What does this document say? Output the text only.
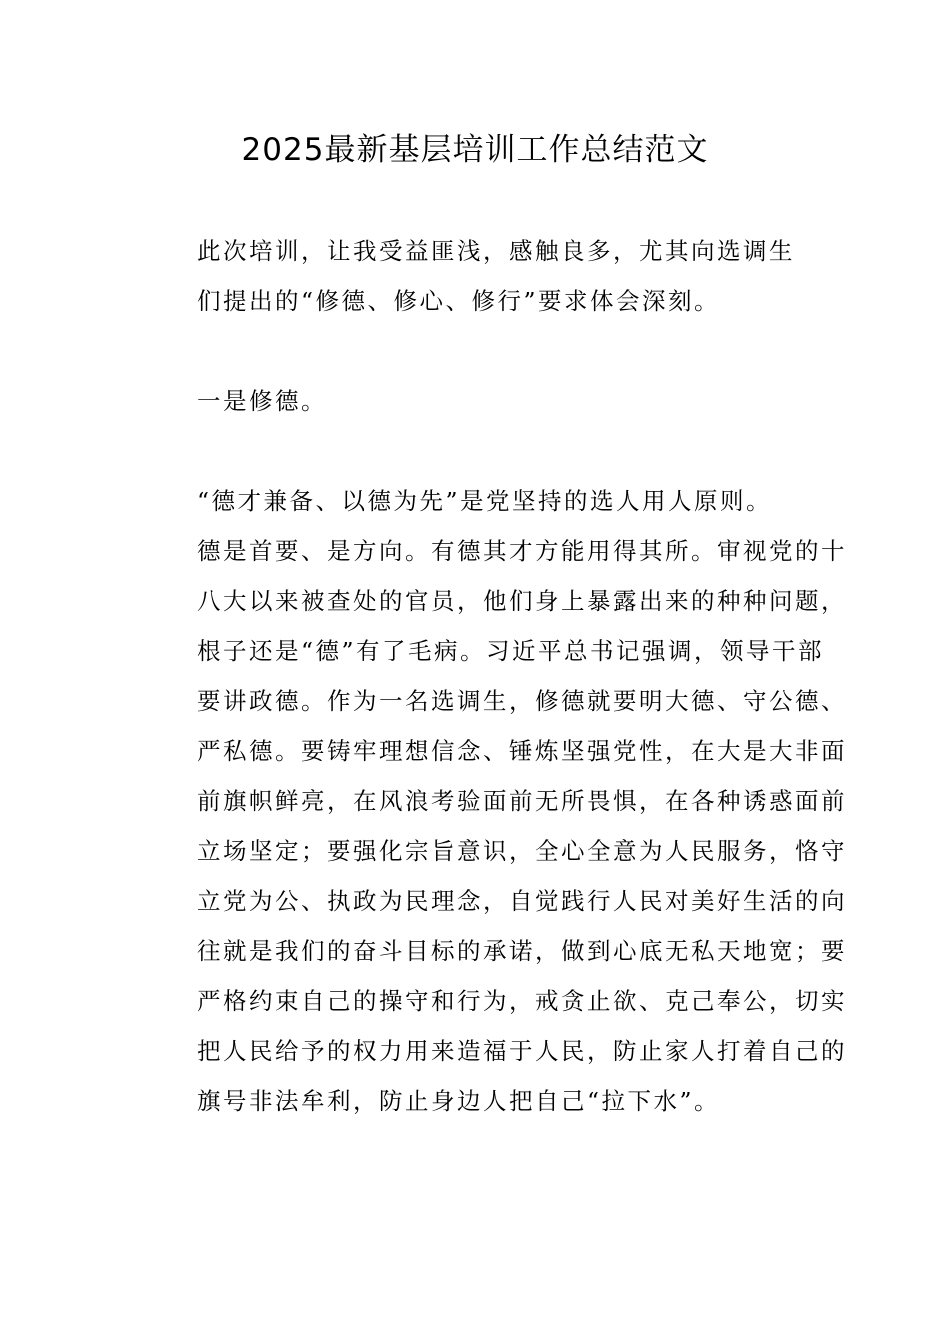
2025最新基层培训工作总结范文

此次培训，让我受益匪浅，感触良多，尤其向选调生
们提出的“修德、修心、修行”要求体会深刻。

一是修德。

“德才兼备、以德为先”是党坚持的选人用人原则。
德是首要、是方向。有德其才方能用得其所。审视党的十
八大以来被查处的官员，他们身上暴露出来的种种问题，
根子还是“德”有了毛病。习近平总书记强调，领导干部
要讲政德。作为一名选调生，修德就要明大德、守公德、
严私德。要铸牢理想信念、锤炼坚强党性，在大是大非面
前旗帜鲜亮，在风浪考验面前无所畏惧，在各种诱惑面前
立场坚定；要强化宗旨意识，全心全意为人民服务，恪守
立党为公、执政为民理念，自觉践行人民对美好生活的向
往就是我们的奋斗目标的承诺，做到心底无私天地宽；要
严格约束自己的操守和行为，戒贪止欲、克己奉公，切实
把人民给予的权力用来造福于人民，防止家人打着自己的
旗号非法牟利，防止身边人把自己“拉下水”。
